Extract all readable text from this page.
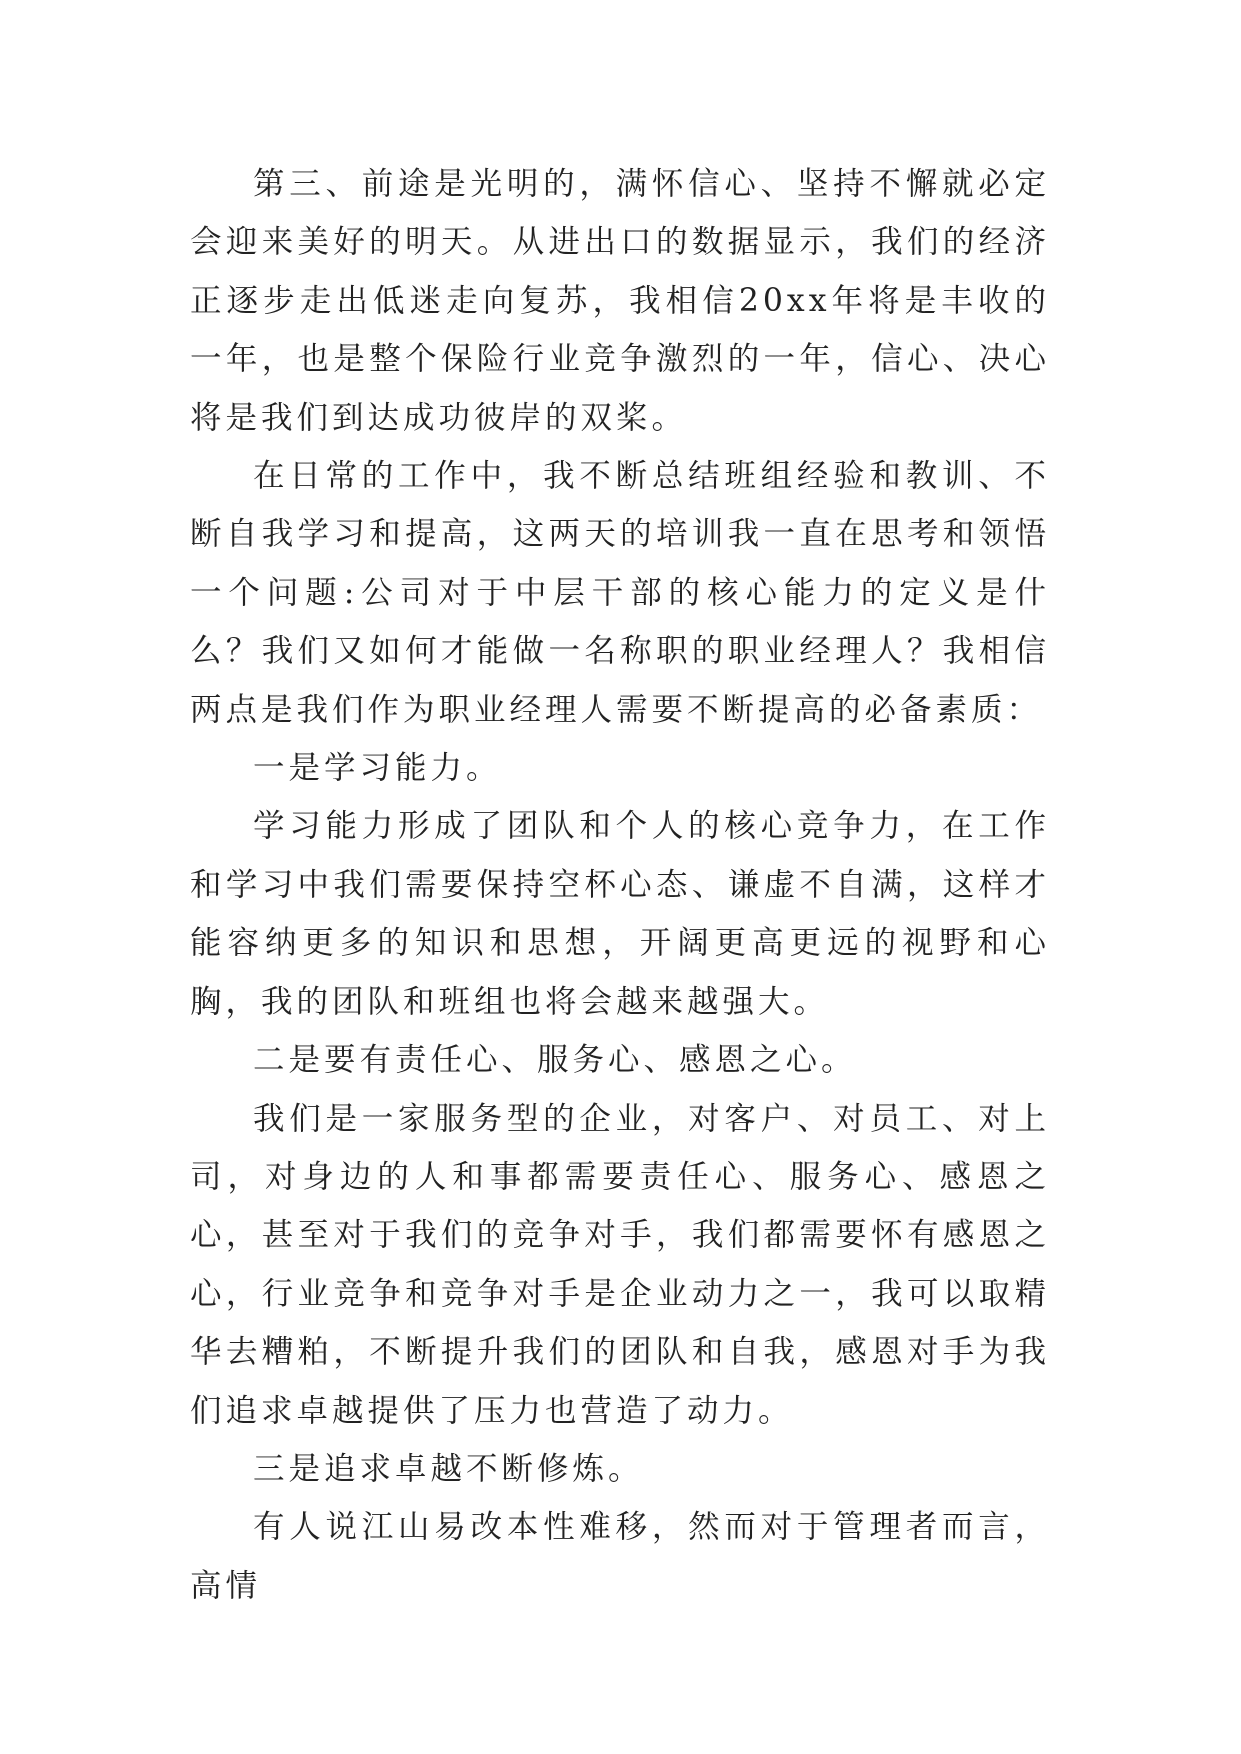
第三、前途是光明的，满怀信心、坚持不懈就必定会迎来美好的明天。从进出口的数据显示，我们的经济正逐步走出低迷走向复苏，我相信20xx年将是丰收的一年，也是整个保险行业竞争激烈的一年，信心、决心将是我们到达成功彼岸的双桨。

在日常的工作中，我不断总结班组经验和教训、不断自我学习和提高，这两天的培训我一直在思考和领悟一个问题:公司对于中层干部的核心能力的定义是什么？我们又如何才能做一名称职的职业经理人？我相信两点是我们作为职业经理人需要不断提高的必备素质：

一是学习能力。

学习能力形成了团队和个人的核心竞争力，在工作和学习中我们需要保持空杯心态、谦虚不自满，这样才能容纳更多的知识和思想，开阔更高更远的视野和心胸，我的团队和班组也将会越来越强大。

二是要有责任心、服务心、感恩之心。

我们是一家服务型的企业，对客户、对员工、对上司，对身边的人和事都需要责任心、服务心、感恩之心，甚至对于我们的竞争对手，我们都需要怀有感恩之心，行业竞争和竞争对手是企业动力之一，我可以取精华去糟粕，不断提升我们的团队和自我，感恩对手为我们追求卓越提供了压力也营造了动力。

三是追求卓越不断修炼。

有人说江山易改本性难移，然而对于管理者而言，高情
